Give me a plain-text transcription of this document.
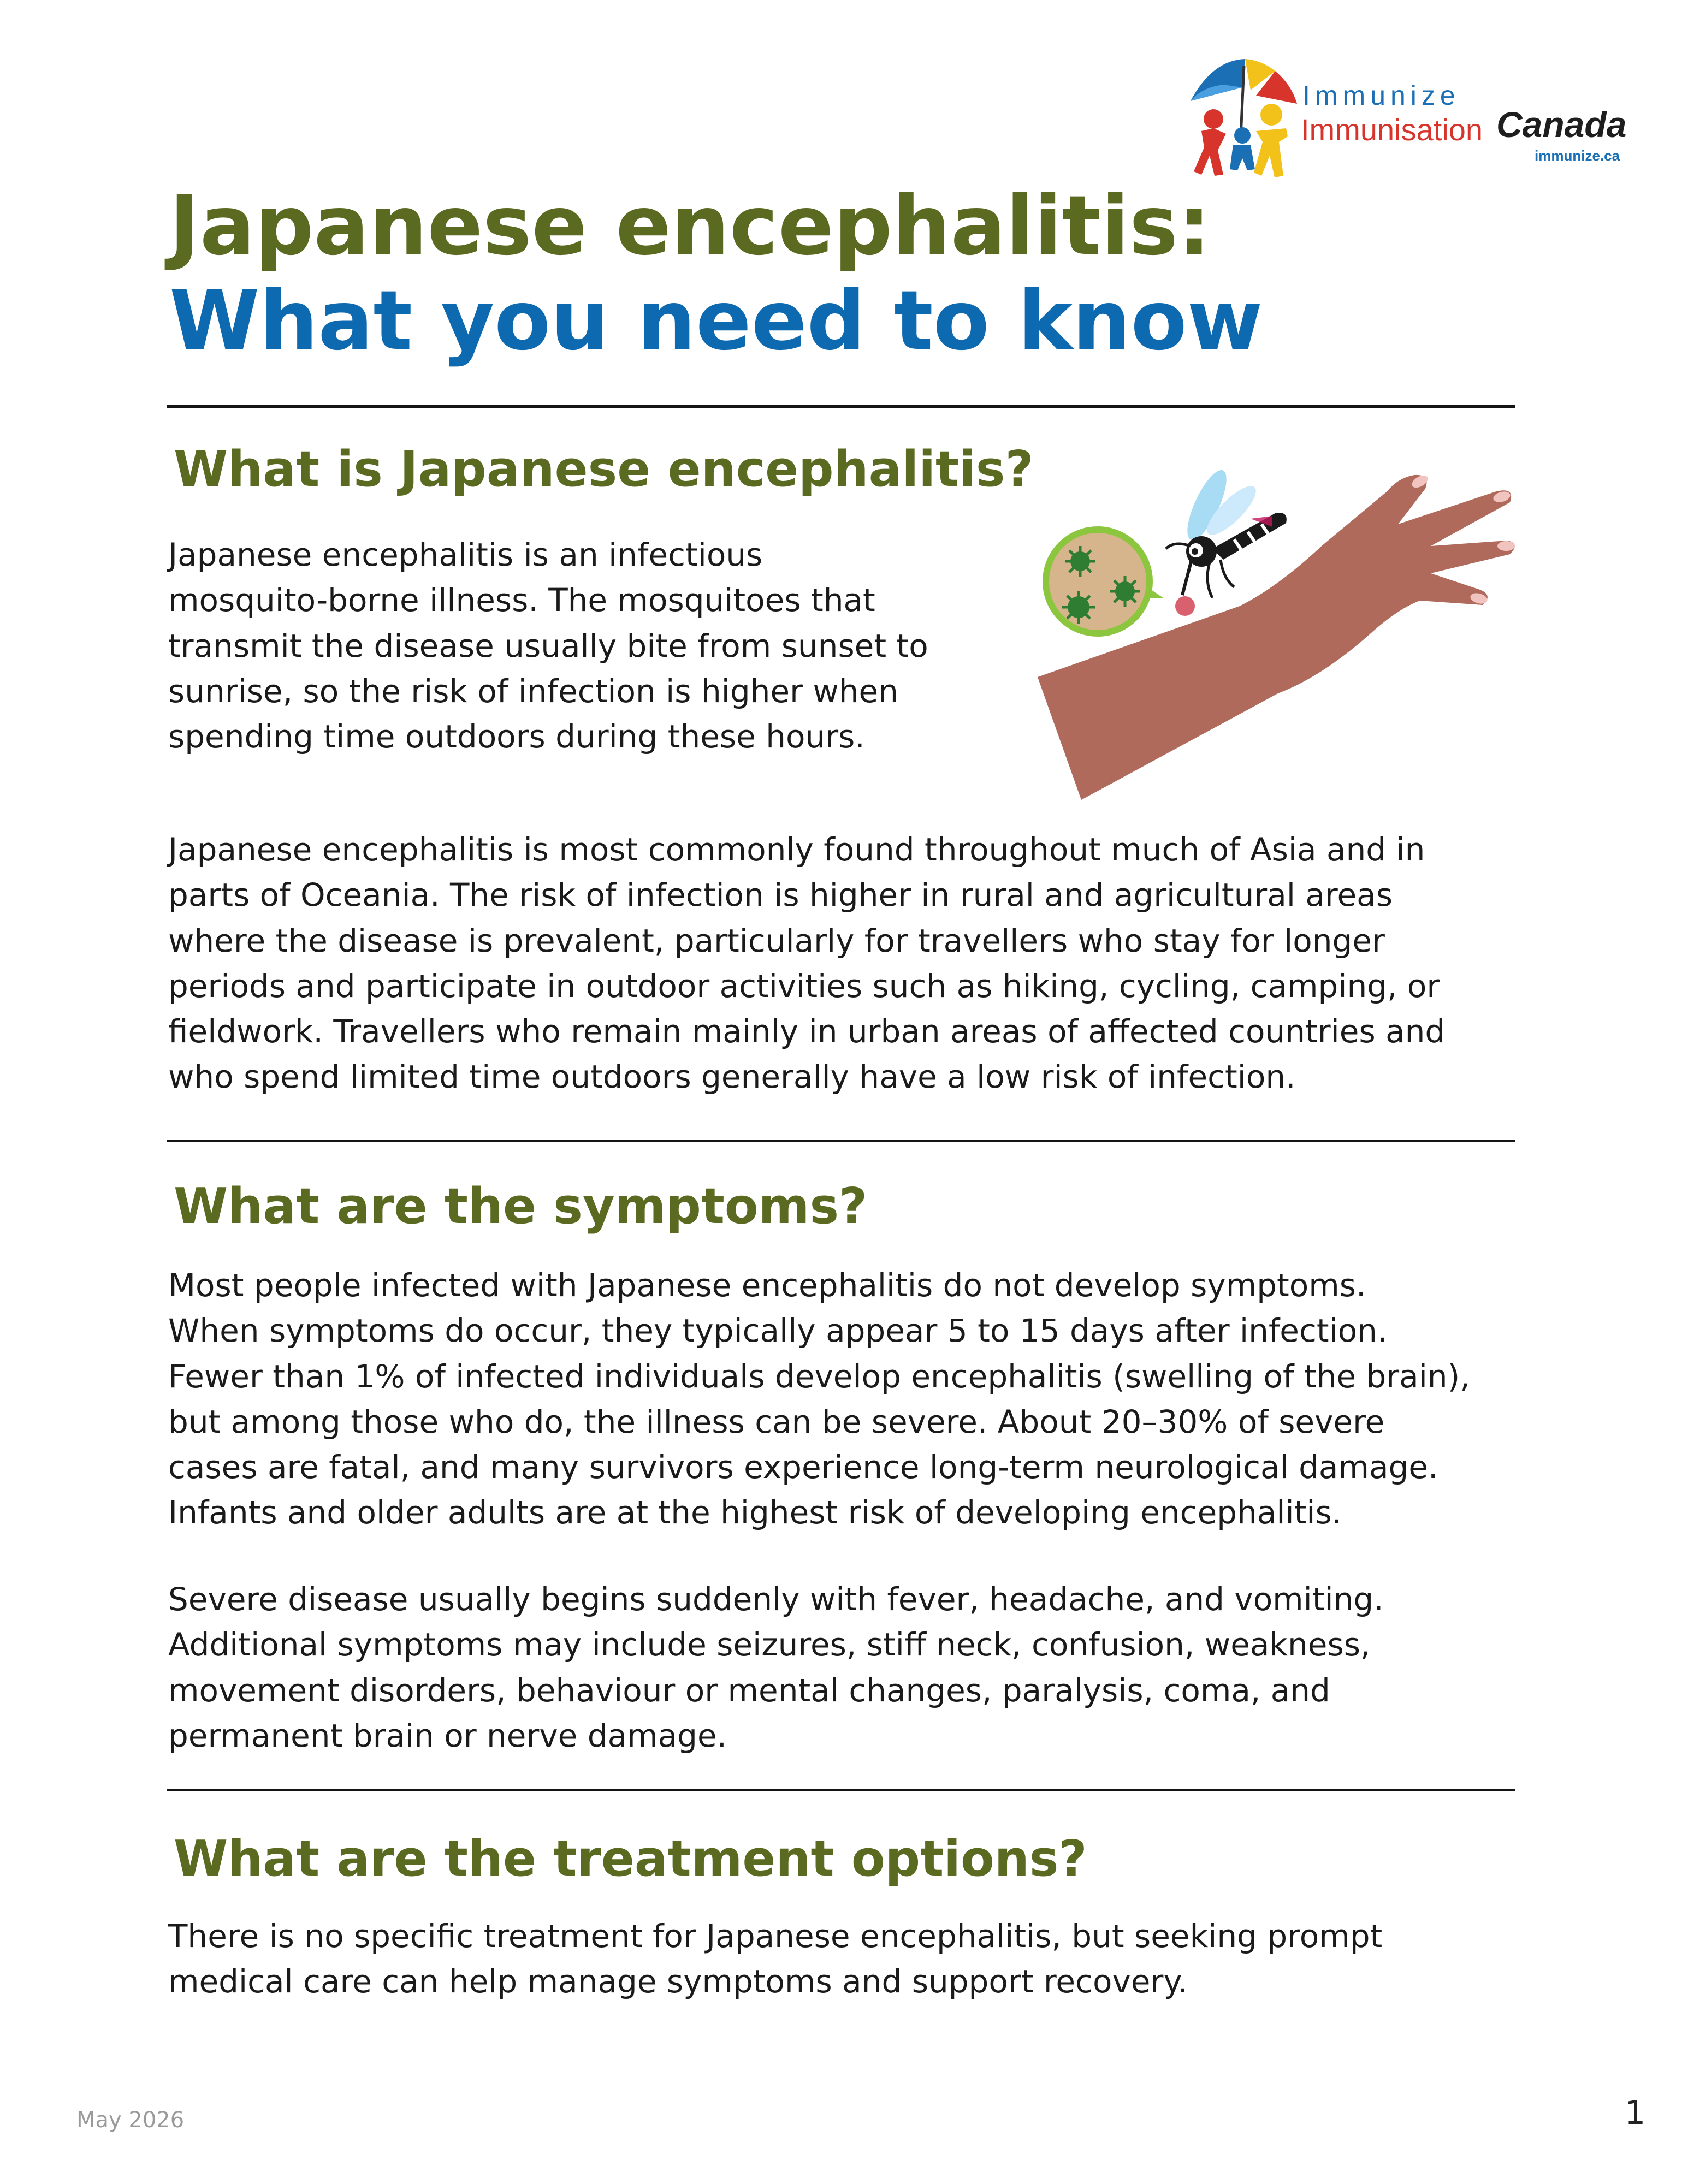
Immunize
Immunisation Canada
immunize.ca
Japanese encephalitis:
What you need to know
What is Japanese encephalitis?
Japanese encephalitis is an infectious
mosquito-borne illness. The mosquitoes that
transmit the disease usually bite from sunset to
sunrise, so the risk of infection is higher when
spending time outdoors during these hours.
Japanese encephalitis is most commonly found throughout much of Asia and in
parts of Oceania. The risk of infection is higher in rural and agricultural areas
where the disease is prevalent, particularly for travellers who stay for longer
periods and participate in outdoor activities such as hiking, cycling, camping, or
fieldwork. Travellers who remain mainly in urban areas of affected countries and
who spend limited time outdoors generally have a low risk of infection.
What are the symptoms?
Most people infected with Japanese encephalitis do not develop symptoms.
When symptoms do occur, they typically appear 5 to 15 days after infection.
Fewer than 1% of infected individuals develop encephalitis (swelling of the brain),
but among those who do, the illness can be severe. About 20–30% of severe
cases are fatal, and many survivors experience long-term neurological damage.
Infants and older adults are at the highest risk of developing encephalitis.
Severe disease usually begins suddenly with fever, headache, and vomiting.
Additional symptoms may include seizures, stiff neck, confusion, weakness,
movement disorders, behaviour or mental changes, paralysis, coma, and
permanent brain or nerve damage.
What are the treatment options?
There is no specific treatment for Japanese encephalitis, but seeking prompt
medical care can help manage symptoms and support recovery.
May 2026	1
